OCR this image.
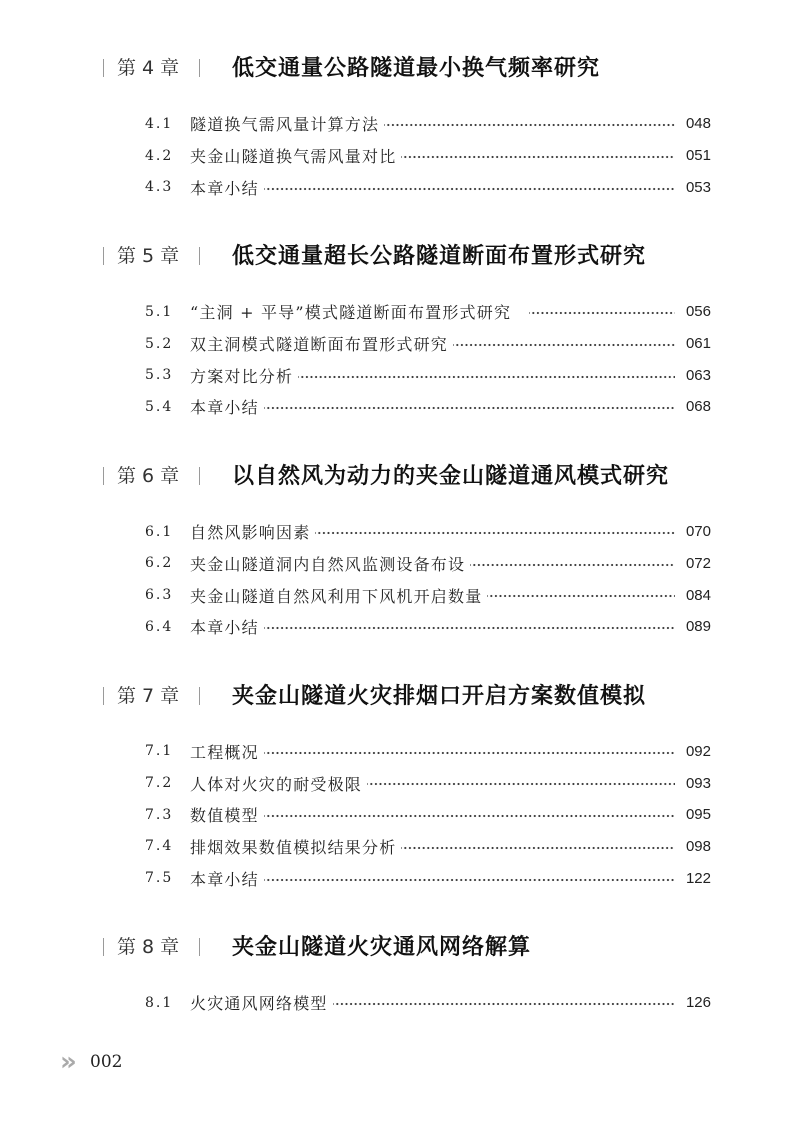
第 4 章 低交通量公路隧道最小换气频率研究
4.1	隧道换气需风量计算方法	048
4.2	夹金山隧道换气需风量对比	051
4.3	本章小结	053
第 5 章 低交通量超长公路隧道断面布置形式研究
5.1	“主洞 + 平导”模式隧道断面布置形式研究	056
5.2	双主洞模式隧道断面布置形式研究	061
5.3	方案对比分析	063
5.4	本章小结	068
第 6 章 以自然风为动力的夹金山隧道通风模式研究
6.1	自然风影响因素	070
6.2	夹金山隧道洞内自然风监测设备布设	072
6.3	夹金山隧道自然风利用下风机开启数量	084
6.4	本章小结	089
第 7 章 夹金山隧道火灾排烟口开启方案数值模拟
7.1	工程概况	092
7.2	人体对火灾的耐受极限	093
7.3	数值模型	095
7.4	排烟效果数值模拟结果分析	098
7.5	本章小结	122
第 8 章 夹金山隧道火灾通风网络解算
8.1	火灾通风网络模型	126
» 002
